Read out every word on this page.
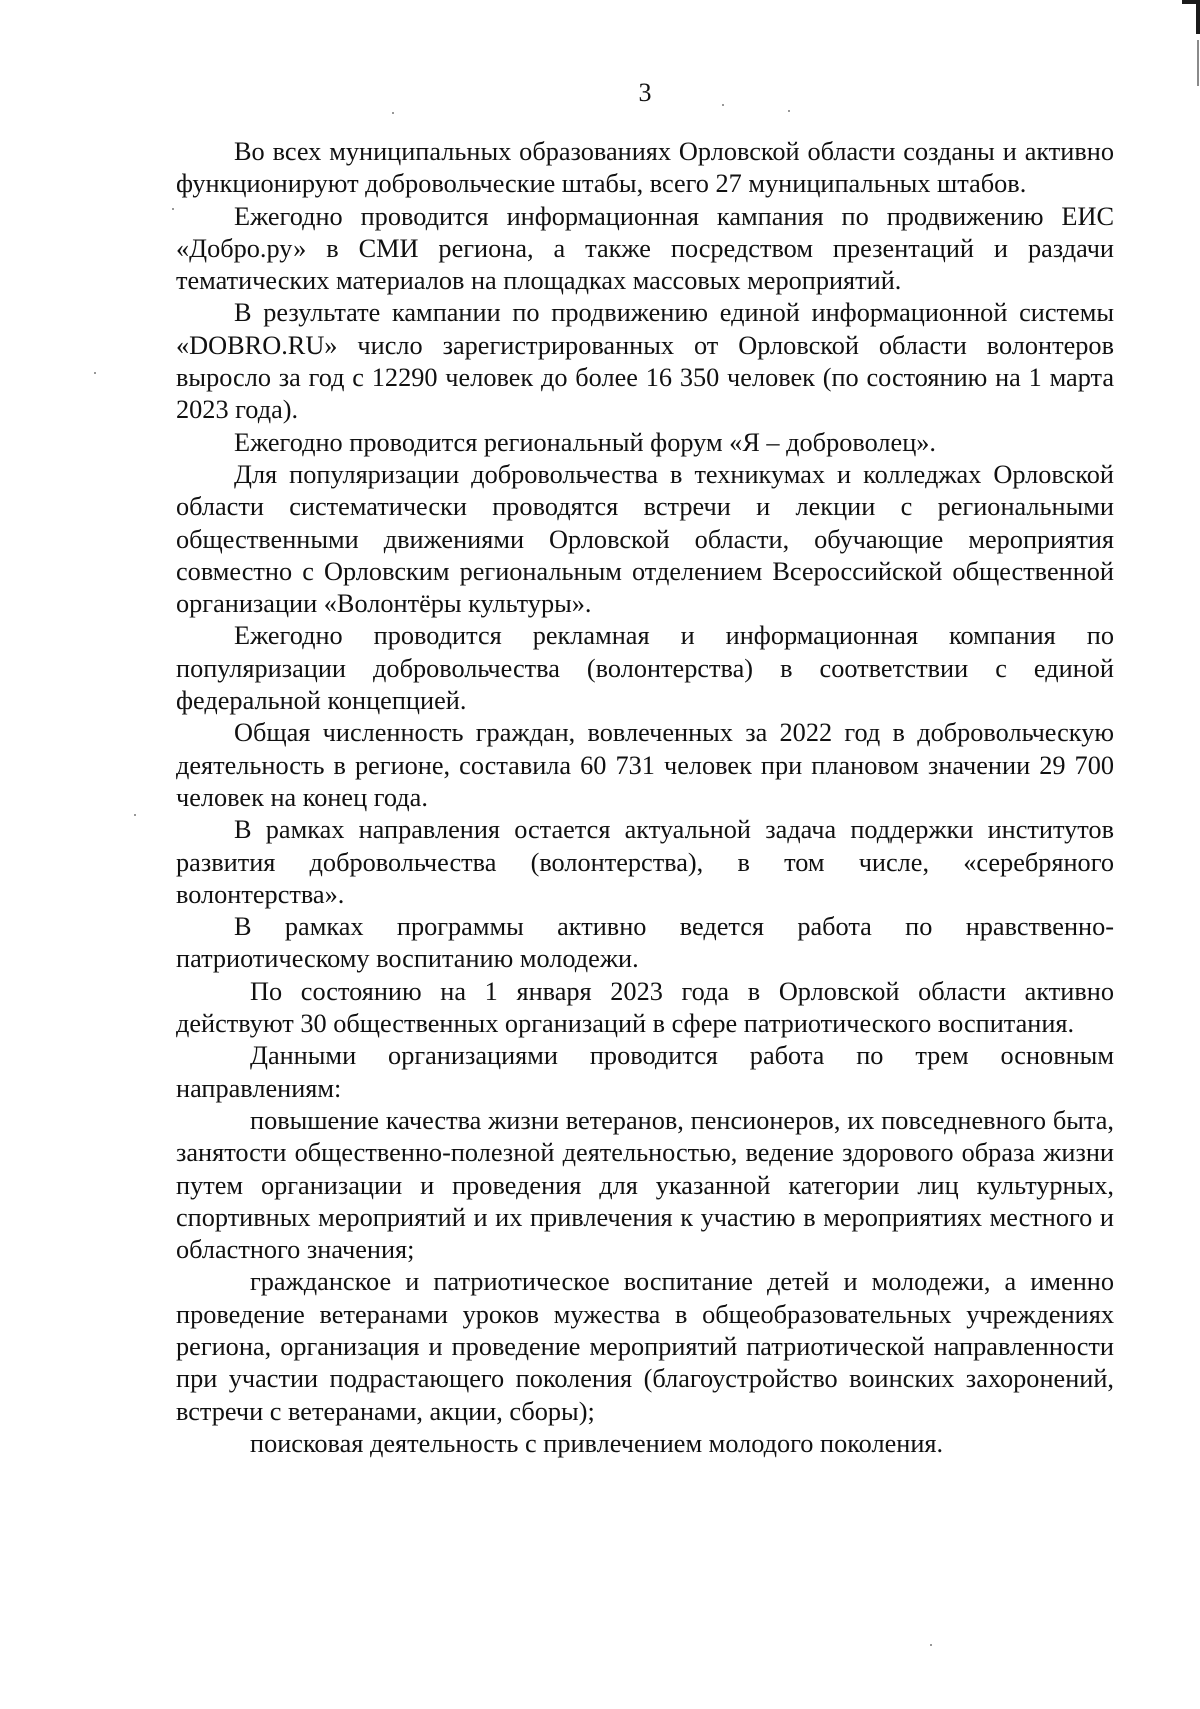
3

Во всех муниципальных образованиях Орловской области созданы и активно функционируют добровольческие штабы, всего 27 муниципальных штабов.

Ежегодно проводится информационная кампания по продвижению ЕИС «Добро.ру» в СМИ региона, а также посредством презентаций и раздачи тематических материалов на площадках массовых мероприятий.

В результате кампании по продвижению единой информационной системы «DOBRO.RU» число зарегистрированных от Орловской области волонтеров выросло за год с 12290 человек до более 16 350 человек (по состоянию на 1 марта 2023 года).

Ежегодно проводится региональный форум «Я – доброволец».

Для популяризации добровольчества в техникумах и колледжах Орловской области систематически проводятся встречи и лекции с региональными общественными движениями Орловской области, обучающие мероприятия совместно с Орловским региональным отделением Всероссийской общественной организации «Волонтёры культуры».

Ежегодно проводится рекламная и информационная компания по популяризации добровольчества (волонтерства) в соответствии с единой федеральной концепцией.

Общая численность граждан, вовлеченных за 2022 год в добровольческую деятельность в регионе, составила 60 731 человек при плановом значении 29 700 человек на конец года.

В рамках направления остается актуальной задача поддержки институтов развития добровольчества (волонтерства), в том числе, «серебряного волонтерства».

В рамках программы активно ведется работа по нравственно-патриотическому воспитанию молодежи.

По состоянию на 1 января 2023 года в Орловской области активно действуют 30 общественных организаций в сфере патриотического воспитания.

Данными организациями проводится работа по трем основным направлениям:

повышение качества жизни ветеранов, пенсионеров, их повседневного быта, занятости общественно-полезной деятельностью, ведение здорового образа жизни путем организации и проведения для указанной категории лиц культурных, спортивных мероприятий и их привлечения к участию в мероприятиях местного и областного значения;

гражданское и патриотическое воспитание детей и молодежи, а именно проведение ветеранами уроков мужества в общеобразовательных учреждениях региона, организация и проведение мероприятий патриотической направленности при участии подрастающего поколения (благоустройство воинских захоронений, встречи с ветеранами, акции, сборы);

поисковая деятельность с привлечением молодого поколения.
